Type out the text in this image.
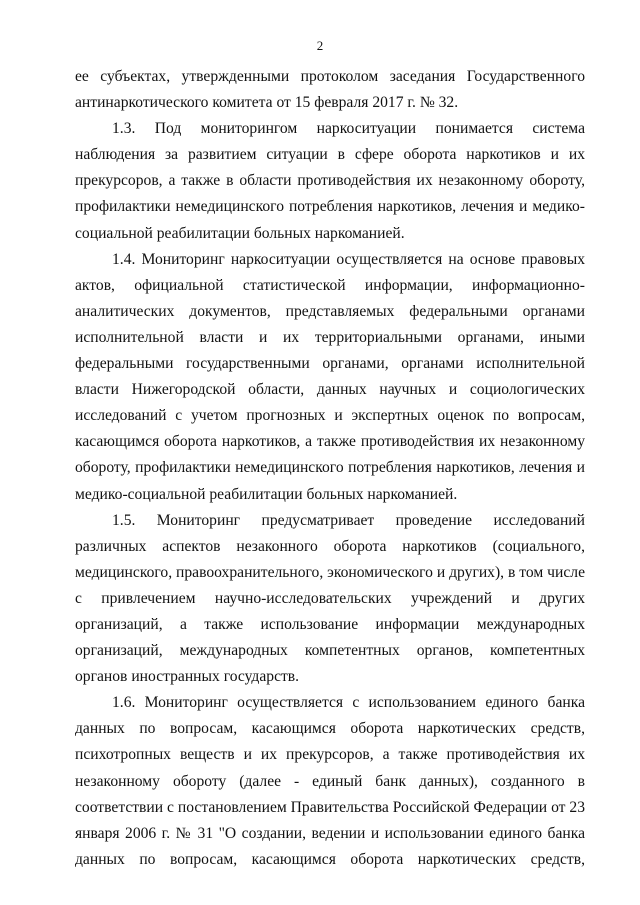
2

ее субъектах, утвержденными протоколом заседания Государственного антинаркотического комитета от 15 февраля 2017 г. № 32.

1.3. Под мониторингом наркоситуации понимается система наблюдения за развитием ситуации в сфере оборота наркотиков и их прекурсоров, а также в области противодействия их незаконному обороту, профилактики немедицинского потребления наркотиков, лечения и медико-социальной реабилитации больных наркоманией.

1.4. Мониторинг наркоситуации осуществляется на основе правовых актов, официальной статистической информации, информационно-аналитических документов, представляемых федеральными органами исполнительной власти и их территориальными органами, иными федеральными государственными органами, органами исполнительной власти Нижегородской области, данных научных и социологических исследований с учетом прогнозных и экспертных оценок по вопросам, касающимся оборота наркотиков, а также противодействия их незаконному обороту, профилактики немедицинского потребления наркотиков, лечения и медико-социальной реабилитации больных наркоманией.

1.5. Мониторинг предусматривает проведение исследований различных аспектов незаконного оборота наркотиков (социального, медицинского, правоохранительного, экономического и других), в том числе с привлечением научно-исследовательских учреждений и других организаций, а также использование информации международных организаций, международных компетентных органов, компетентных органов иностранных государств.

1.6. Мониторинг осуществляется с использованием единого банка данных по вопросам, касающимся оборота наркотических средств, психотропных веществ и их прекурсоров, а также противодействия их незаконному обороту (далее - единый банк данных), созданного в соответствии с постановлением Правительства Российской Федерации от 23 января 2006 г. № 31 "О создании, ведении и использовании единого банка данных по вопросам, касающимся оборота наркотических средств,
